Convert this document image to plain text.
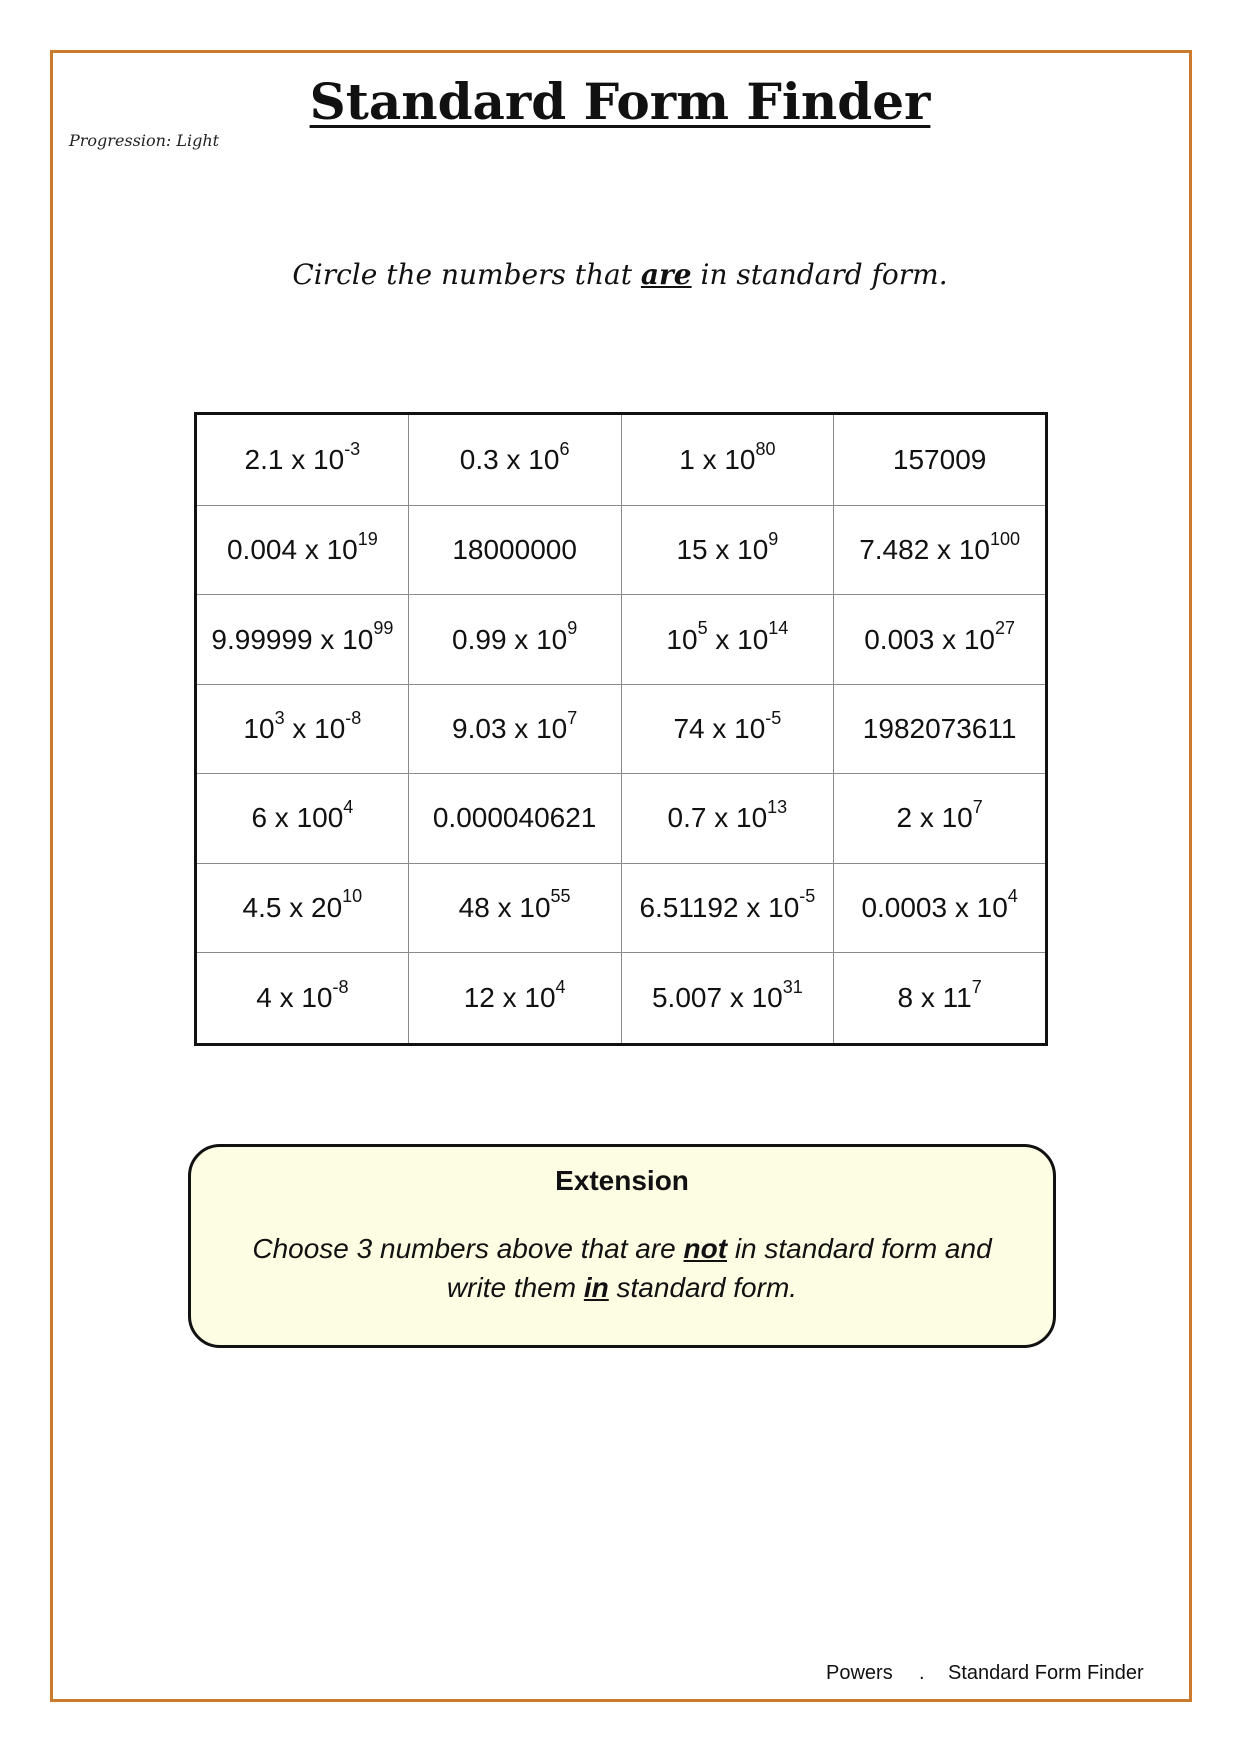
Standard Form Finder
Progression: Light
Circle the numbers that are in standard form.
2.1 x $10^{-3}$	0.3 x $10^6$	1 x $10^{80}$	157009
0.004 x $10^{19}$	18000000	15 x $10^9$	7.482 x $10^{100}$
9.99999 x $10^{99}$	0.99 x $10^9$	$10^5$ x $10^{14}$	0.003 x $10^{27}$
$10^3$ x $10^{-8}$	9.03 x $10^7$	74 x $10^{-5}$	1982073611
6 x $100^4$	0.000040621	0.7 x $10^{13}$	2 x $10^7$
4.5 x $20^{10}$	48 x $10^{55}$	6.51192 x $10^{-5}$	0.0003 x $10^4$
4 x $10^{-8}$	12 x $10^4$	5.007 x $10^{31}$	8 x $11^7$
Extension
Choose 3 numbers above that are not in standard form and
write them in standard form.
Powers . Standard Form Finder
